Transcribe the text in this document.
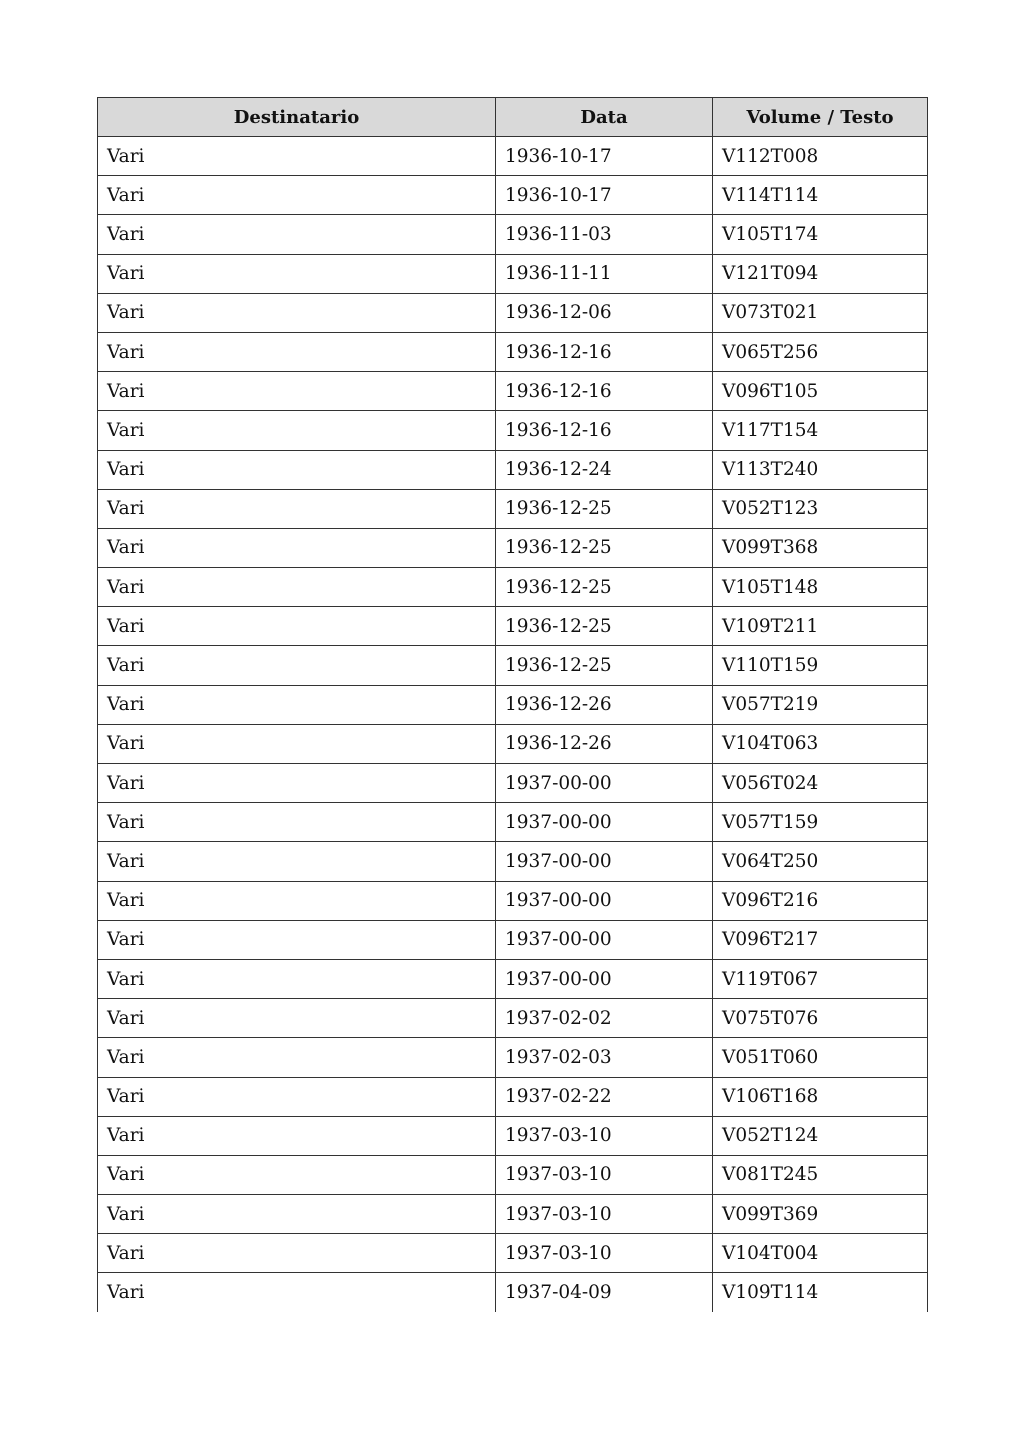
Destinatario	Data	Volume / Testo
Vari	1936-10-17	V112T008
Vari	1936-10-17	V114T114
Vari	1936-11-03	V105T174
Vari	1936-11-11	V121T094
Vari	1936-12-06	V073T021
Vari	1936-12-16	V065T256
Vari	1936-12-16	V096T105
Vari	1936-12-16	V117T154
Vari	1936-12-24	V113T240
Vari	1936-12-25	V052T123
Vari	1936-12-25	V099T368
Vari	1936-12-25	V105T148
Vari	1936-12-25	V109T211
Vari	1936-12-25	V110T159
Vari	1936-12-26	V057T219
Vari	1936-12-26	V104T063
Vari	1937-00-00	V056T024
Vari	1937-00-00	V057T159
Vari	1937-00-00	V064T250
Vari	1937-00-00	V096T216
Vari	1937-00-00	V096T217
Vari	1937-00-00	V119T067
Vari	1937-02-02	V075T076
Vari	1937-02-03	V051T060
Vari	1937-02-22	V106T168
Vari	1937-03-10	V052T124
Vari	1937-03-10	V081T245
Vari	1937-03-10	V099T369
Vari	1937-03-10	V104T004
Vari	1937-04-09	V109T114
